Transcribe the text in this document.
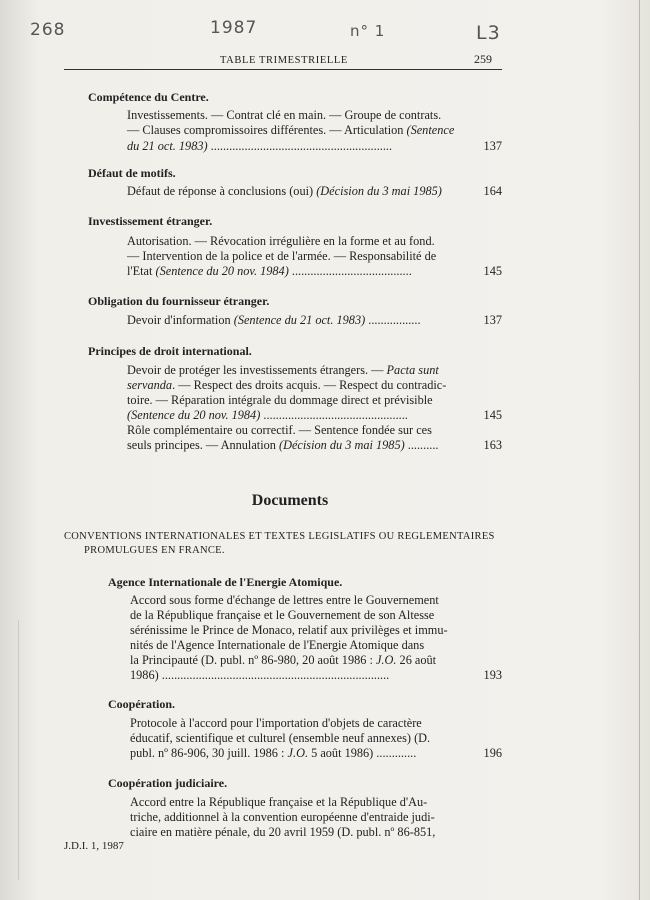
268	1987	n° 1	L3
TABLE TRIMESTRIELLE	259
Compétence du Centre.
Investissements. — Contrat clé en main. — Groupe de contrats.
— Clauses compromissoires différentes. — Articulation (Sentence
du 21 oct. 1983) ...........................................................	137
Défaut de motifs.
Défaut de réponse à conclusions (oui) (Décision du 3 mai 1985)	164
Investissement étranger.
Autorisation. — Révocation irrégulière en la forme et au fond.
— Intervention de la police et de l'armée. — Responsabilité de
l'Etat (Sentence du 20 nov. 1984) .......................................	145
Obligation du fournisseur étranger.
Devoir d'information (Sentence du 21 oct. 1983) .................	137
Principes de droit international.
Devoir de protéger les investissements étrangers. — Pacta sunt
servanda. — Respect des droits acquis. — Respect du contradic-
toire. — Réparation intégrale du dommage direct et prévisible
(Sentence du 20 nov. 1984) ...............................................	145
Rôle complémentaire ou correctif. — Sentence fondée sur ces
seuls principes. — Annulation (Décision du 3 mai 1985) ..........	163
Documents
CONVENTIONS INTERNATIONALES ET TEXTES LEGISLATIFS OU REGLEMENTAIRES
PROMULGUES EN FRANCE.
Agence Internationale de l'Energie Atomique.
Accord sous forme d'échange de lettres entre le Gouvernement
de la République française et le Gouvernement de son Altesse
sérénissime le Prince de Monaco, relatif aux privilèges et immu-
nités de l'Agence Internationale de l'Energie Atomique dans
la Principauté (D. publ. nº 86-980, 20 août 1986 : J.O. 26 août
1986) ..........................................................................	193
Coopération.
Protocole à l'accord pour l'importation d'objets de caractère
éducatif, scientifique et culturel (ensemble neuf annexes) (D.
publ. nº 86-906, 30 juill. 1986 : J.O. 5 août 1986) .............	196
Coopération judiciaire.
Accord entre la République française et la République d'Au-
triche, additionnel à la convention européenne d'entraide judi-
ciaire en matière pénale, du 20 avril 1959 (D. publ. nº 86-851,
J.D.I. 1, 1987
